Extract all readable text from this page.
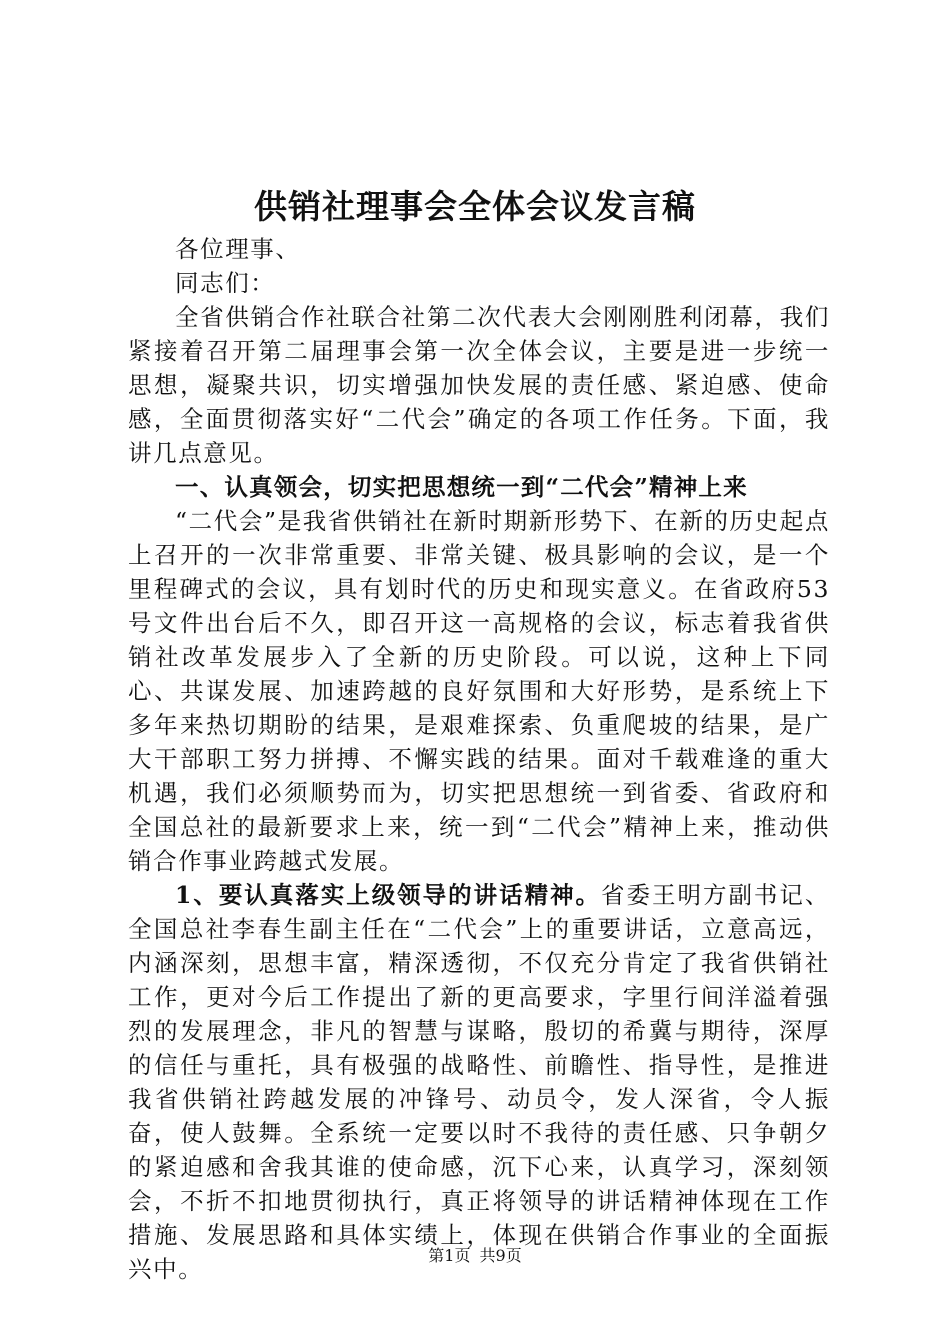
供销社理事会全体会议发言稿

各位理事、

同志们：

全省供销合作社联合社第二次代表大会刚刚胜利闭幕，我们紧接着召开第二届理事会第一次全体会议，主要是进一步统一思想，凝聚共识，切实增强加快发展的责任感、紧迫感、使命感，全面贯彻落实好“二代会”确定的各项工作任务。下面，我讲几点意见。

一、认真领会，切实把思想统一到“二代会”精神上来

“二代会”是我省供销社在新时期新形势下、在新的历史起点上召开的一次非常重要、非常关键、极具影响的会议，是一个里程碑式的会议，具有划时代的历史和现实意义。在省政府53号文件出台后不久，即召开这一高规格的会议，标志着我省供销社改革发展步入了全新的历史阶段。可以说，这种上下同心、共谋发展、加速跨越的良好氛围和大好形势，是系统上下多年来热切期盼的结果，是艰难探索、负重爬坡的结果，是广大干部职工努力拼搏、不懈实践的结果。面对千载难逢的重大机遇，我们必须顺势而为，切实把思想统一到省委、省政府和全国总社的最新要求上来，统一到“二代会”精神上来，推动供销合作事业跨越式发展。

1、要认真落实上级领导的讲话精神。省委王明方副书记、全国总社李春生副主任在“二代会”上的重要讲话，立意高远，内涵深刻，思想丰富，精深透彻，不仅充分肯定了我省供销社工作，更对今后工作提出了新的更高要求，字里行间洋溢着强烈的发展理念，非凡的智慧与谋略，殷切的希冀与期待，深厚的信任与重托，具有极强的战略性、前瞻性、指导性，是推进我省供销社跨越发展的冲锋号、动员令，发人深省，令人振奋，使人鼓舞。全系统一定要以时不我待的责任感、只争朝夕的紧迫感和舍我其谁的使命感，沉下心来，认真学习，深刻领会，不折不扣地贯彻执行，真正将领导的讲话精神体现在工作措施、发展思路和具体实绩上，体现在供销合作事业的全面振兴中。	第1页 共9页
